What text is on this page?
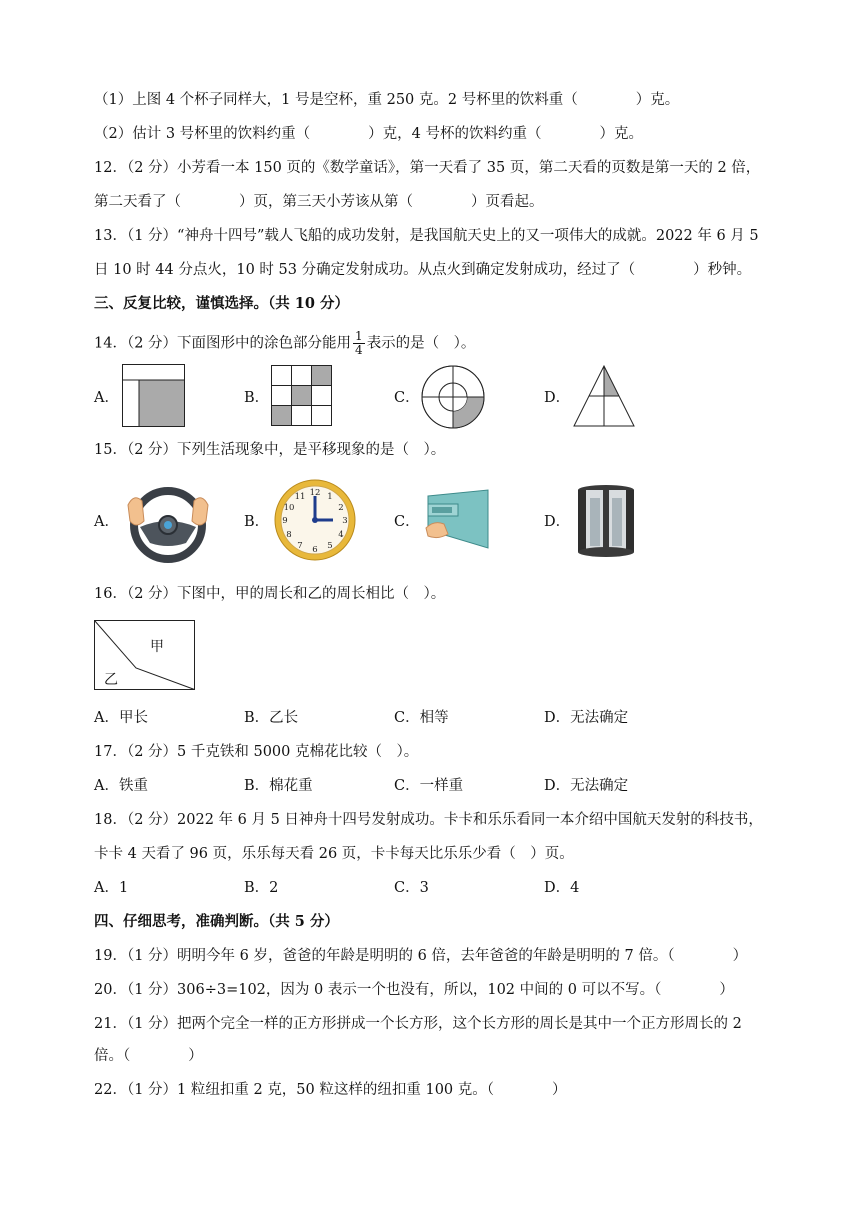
（1）上图 4 个杯子同样大，1 号是空杯，重 250 克。2 号杯里的饮料重（　　　　）克。
（2）估计 3 号杯里的饮料约重（　　　　）克，4 号杯的饮料约重（　　　　）克。
12．（2 分）小芳看一本 150 页的《数学童话》，第一天看了 35 页，第二天看的页数是第一天的 2 倍，
第二天看了（　　　　）页，第三天小芳该从第（　　　　）页看起。
13．（1 分）“神舟十四号”载人飞船的成功发射，是我国航天史上的又一项伟大的成就。2022 年 6 月 5
日 10 时 44 分点火，10 时 53 分确定发射成功。从点火到确定发射成功，经过了（　　　　）秒钟。
三、反复比较，谨慎选择。（共 10 分）
14．（2 分）下面图形中的涂色部分能用 $\frac{1}{4}$ 表示的是（　）。
A．	B．	C．	D．
15．（2 分）下列生活现象中，是平移现象的是（　）。
A．	B．
12 1
2
3
4
5
6
7
8
9
10
11
C．	D．
16．（2 分）下图中，甲的周长和乙的周长相比（　）。
甲
乙
A．甲长	B．乙长	C．相等	D．无法确定
17．（2 分）5 千克铁和 5000 克棉花比较（　）。
A．铁重	B．棉花重	C．一样重	D．无法确定
18．（2 分）2022 年 6 月 5 日神舟十四号发射成功。卡卡和乐乐看同一本介绍中国航天发射的科技书，
卡卡 4 天看了 96 页，乐乐每天看 26 页，卡卡每天比乐乐少看（　）页。
A．1	B．2	C．3	D．4
四、仔细思考，准确判断。（共 5 分）
19．（1 分）明明今年 6 岁，爸爸的年龄是明明的 6 倍，去年爸爸的年龄是明明的 7 倍。（　　　　）
20．（1 分）306÷3=102，因为 0 表示一个也没有，所以，102 中间的 0 可以不写。（　　　　）
21．（1 分）把两个完全一样的正方形拼成一个长方形，这个长方形的周长是其中一个正方形周长的 2
倍。（　　　　）
22．（1 分）1 粒纽扣重 2 克，50 粒这样的纽扣重 100 克。（　　　　）
